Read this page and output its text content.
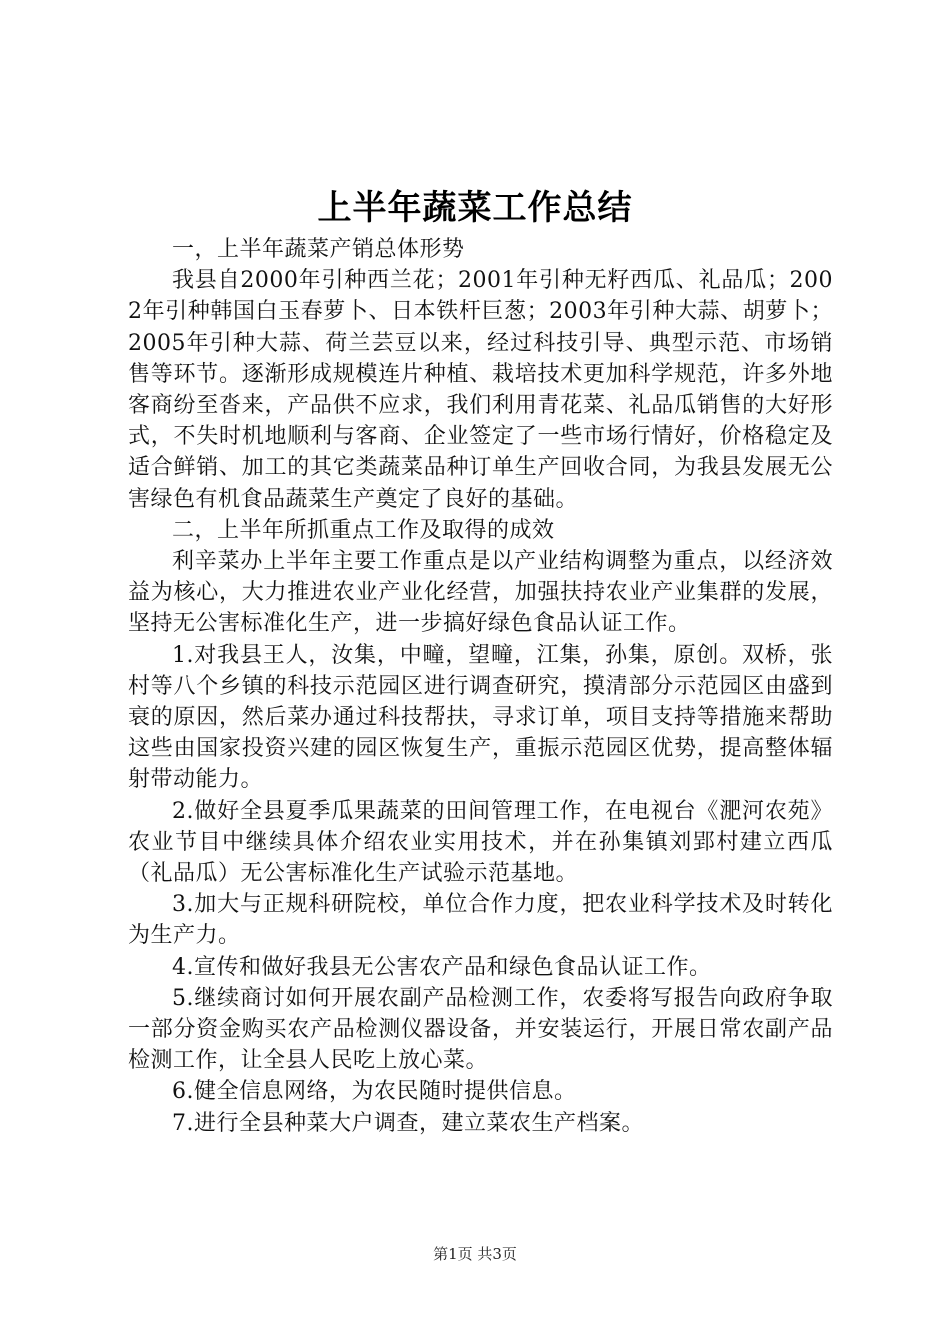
上半年蔬菜工作总结

一，上半年蔬菜产销总体形势

我县自2000年引种西兰花；2001年引种无籽西瓜、礼品瓜；2002年引种韩国白玉春萝卜、日本铁杆巨葱；2003年引种大蒜、胡萝卜；2005年引种大蒜、荷兰芸豆以来，经过科技引导、典型示范、市场销售等环节。逐渐形成规模连片种植、栽培技术更加科学规范，许多外地客商纷至沓来，产品供不应求，我们利用青花菜、礼品瓜销售的大好形式，不失时机地顺利与客商、企业签定了一些市场行情好，价格稳定及适合鲜销、加工的其它类蔬菜品种订单生产回收合同，为我县发展无公害绿色有机食品蔬菜生产奠定了良好的基础。

二，上半年所抓重点工作及取得的成效

利辛菜办上半年主要工作重点是以产业结构调整为重点，以经济效益为核心，大力推进农业产业化经营，加强扶持农业产业集群的发展，坚持无公害标准化生产，进一步搞好绿色食品认证工作。

1.对我县王人，汝集，中疃，望疃，江集，孙集，原创。双桥，张村等八个乡镇的科技示范园区进行调查研究，摸清部分示范园区由盛到衰的原因，然后菜办通过科技帮扶，寻求订单，项目支持等措施来帮助这些由国家投资兴建的园区恢复生产，重振示范园区优势，提高整体辐射带动能力。

2.做好全县夏季瓜果蔬菜的田间管理工作，在电视台《淝河农苑》农业节目中继续具体介绍农业实用技术，并在孙集镇刘郢村建立西瓜（礼品瓜）无公害标准化生产试验示范基地。

3.加大与正规科研院校，单位合作力度，把农业科学技术及时转化为生产力。

4.宣传和做好我县无公害农产品和绿色食品认证工作。

5.继续商讨如何开展农副产品检测工作，农委将写报告向政府争取一部分资金购买农产品检测仪器设备，并安装运行，开展日常农副产品检测工作，让全县人民吃上放心菜。

6.健全信息网络，为农民随时提供信息。

7.进行全县种菜大户调查，建立菜农生产档案。

第1页 共3页
